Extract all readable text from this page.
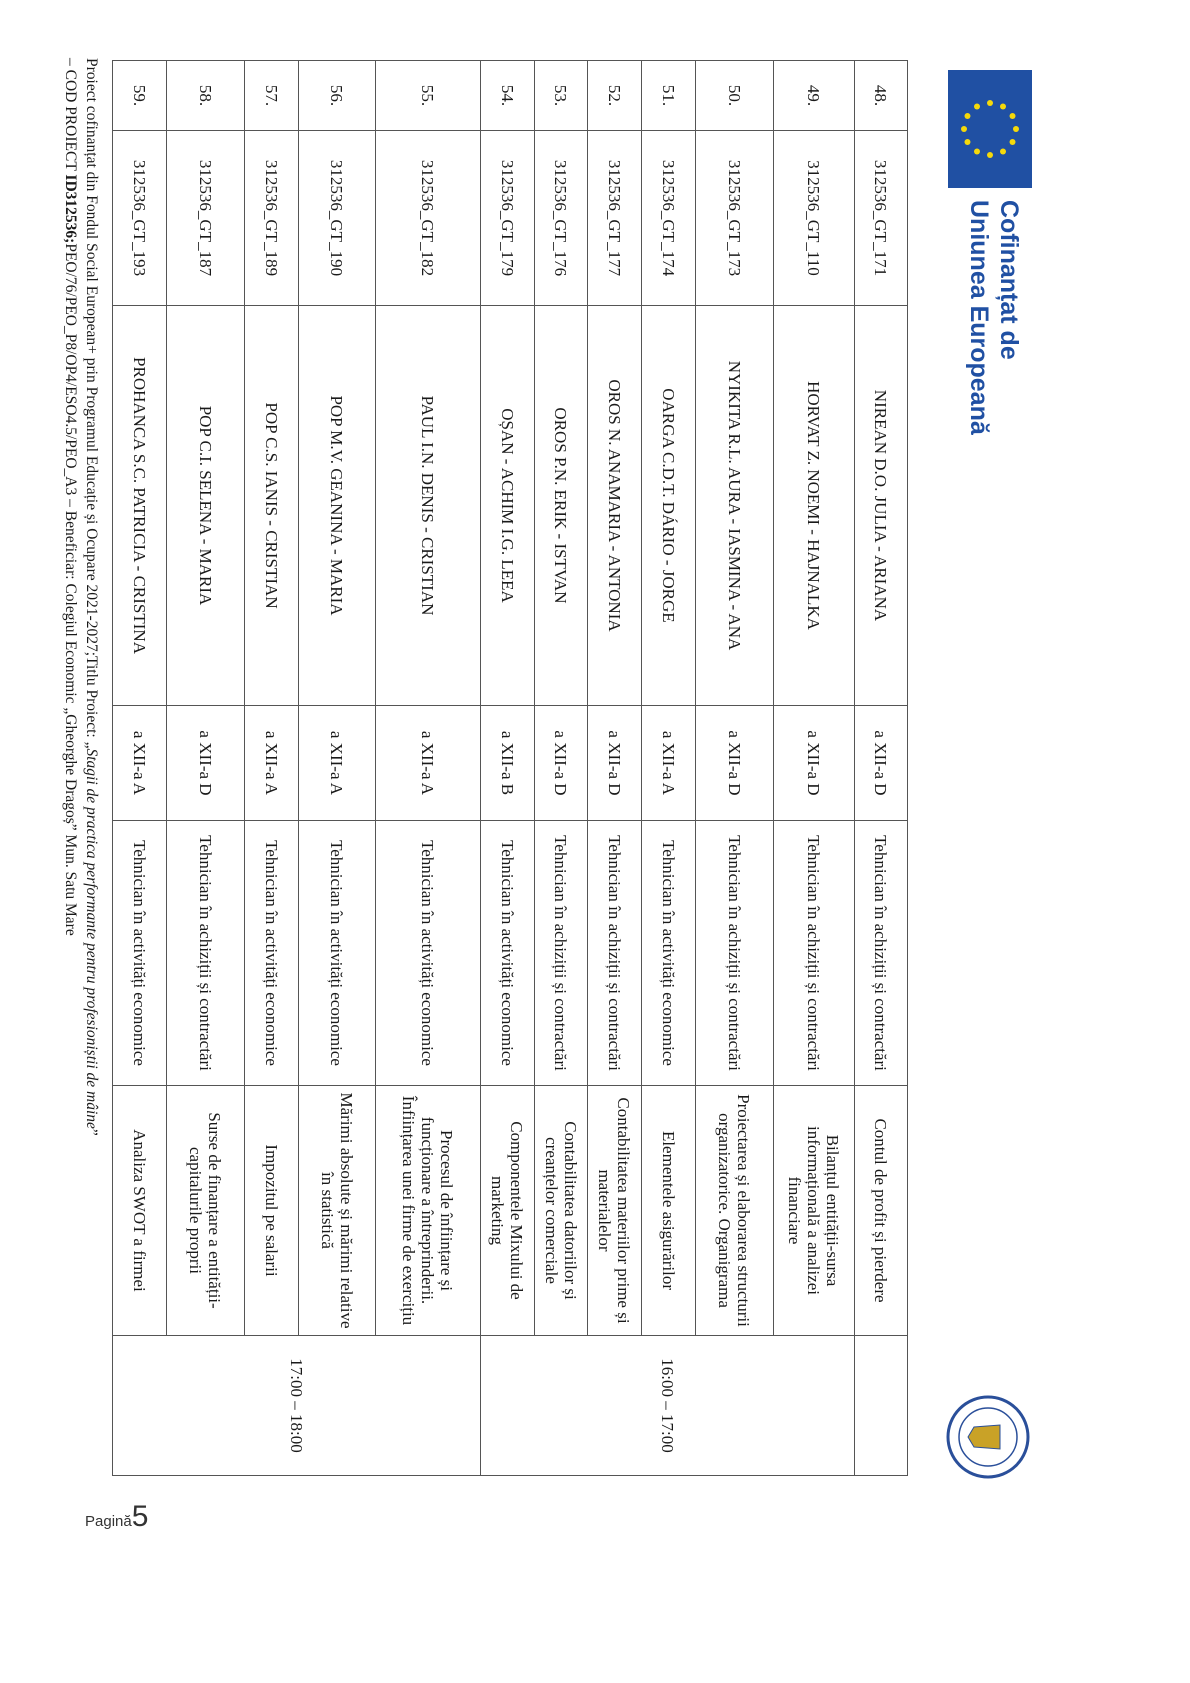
Cofinanțat de
Uniunea Europeană
48.	312536_GT_171	NIREAN D.O. JULIA - ARIANA	a XII-a D	Tehnician în achiziții și contractări	Contul de profit și pierdere	
49.	312536_GT_110	HORVAT Z. NOEMI - HAJNALKA	a XII-a D	Tehnician în achiziții și contractări	Bilanțul entității-sursa informațională a analizei financiare	16:00 – 17:00
50.	312536_GT_173	NYIKITA R.L. AURA - IASMINA - ANA	a XII-a D	Tehnician în achiziții și contractări	Proiectarea și elaborarea structurii organizatorice. Organigrama	
51.	312536_GT_174	OARGA C.D.T. DÁRIO - JORGE	a XII-a A	Tehnician în activități economice	Elementele asigurărilor	
52.	312536_GT_177	OROS N. ANAMARIA - ANTONIA	a XII-a D	Tehnician în achiziții și contractări	Contabilitatea materiilor prime și materialelor	
53.	312536_GT_176	OROS P.N. ERIK - ISTVAN	a XII-a D	Tehnician în achiziții și contractări	Contabilitatea datoriilor și creanțelor comerciale	
54.	312536_GT_179	OȘAN - ACHIM I.G. LEEA	a XII-a B	Tehnician în activități economice	Componentele Mixului de marketing	
55.	312536_GT_182	PAUL I.N. DENIS - CRISTIAN	a XII-a A	Tehnician în activități economice	Procesul de înființare și funcționare a întreprinderii. Înființarea unei firme de exercițiu	17:00 – 18:00
56.	312536_GT_190	POP M.V. GEANINA - MARIA	a XII-a A	Tehnician în activități economice	Mărimi absolute și mărimi relative în statistică	
57.	312536_GT_189	POP C.S. IANIS - CRISTIAN	a XII-a A	Tehnician în activități economice	Impozitul pe salarii	
58.	312536_GT_187	POP C.I. SELENA - MARIA	a XII-a D	Tehnician în achiziții și contractări	Surse de finanțare a entității-capitalurile proprii	
59.	312536_GT_193	PROHANCA S.C. PATRICIA - CRISTINA	a XII-a A	Tehnician în activități economice	Analiza SWOT a firmei	
Proiect cofinanțat din Fondul Social European+ prin Programul Educație și Ocupare 2021-2027;Titlu Proiect: „Stagii de practica performante pentru profesioniștii de mâine”
– COD PROIECT ID312536;PEO/76/PEO_P8/OP4/ESO4.5/PEO_A3 – Beneficiar: Colegiul Economic „Gheorghe Dragoș” Mun. Satu Mare
Pagină5
